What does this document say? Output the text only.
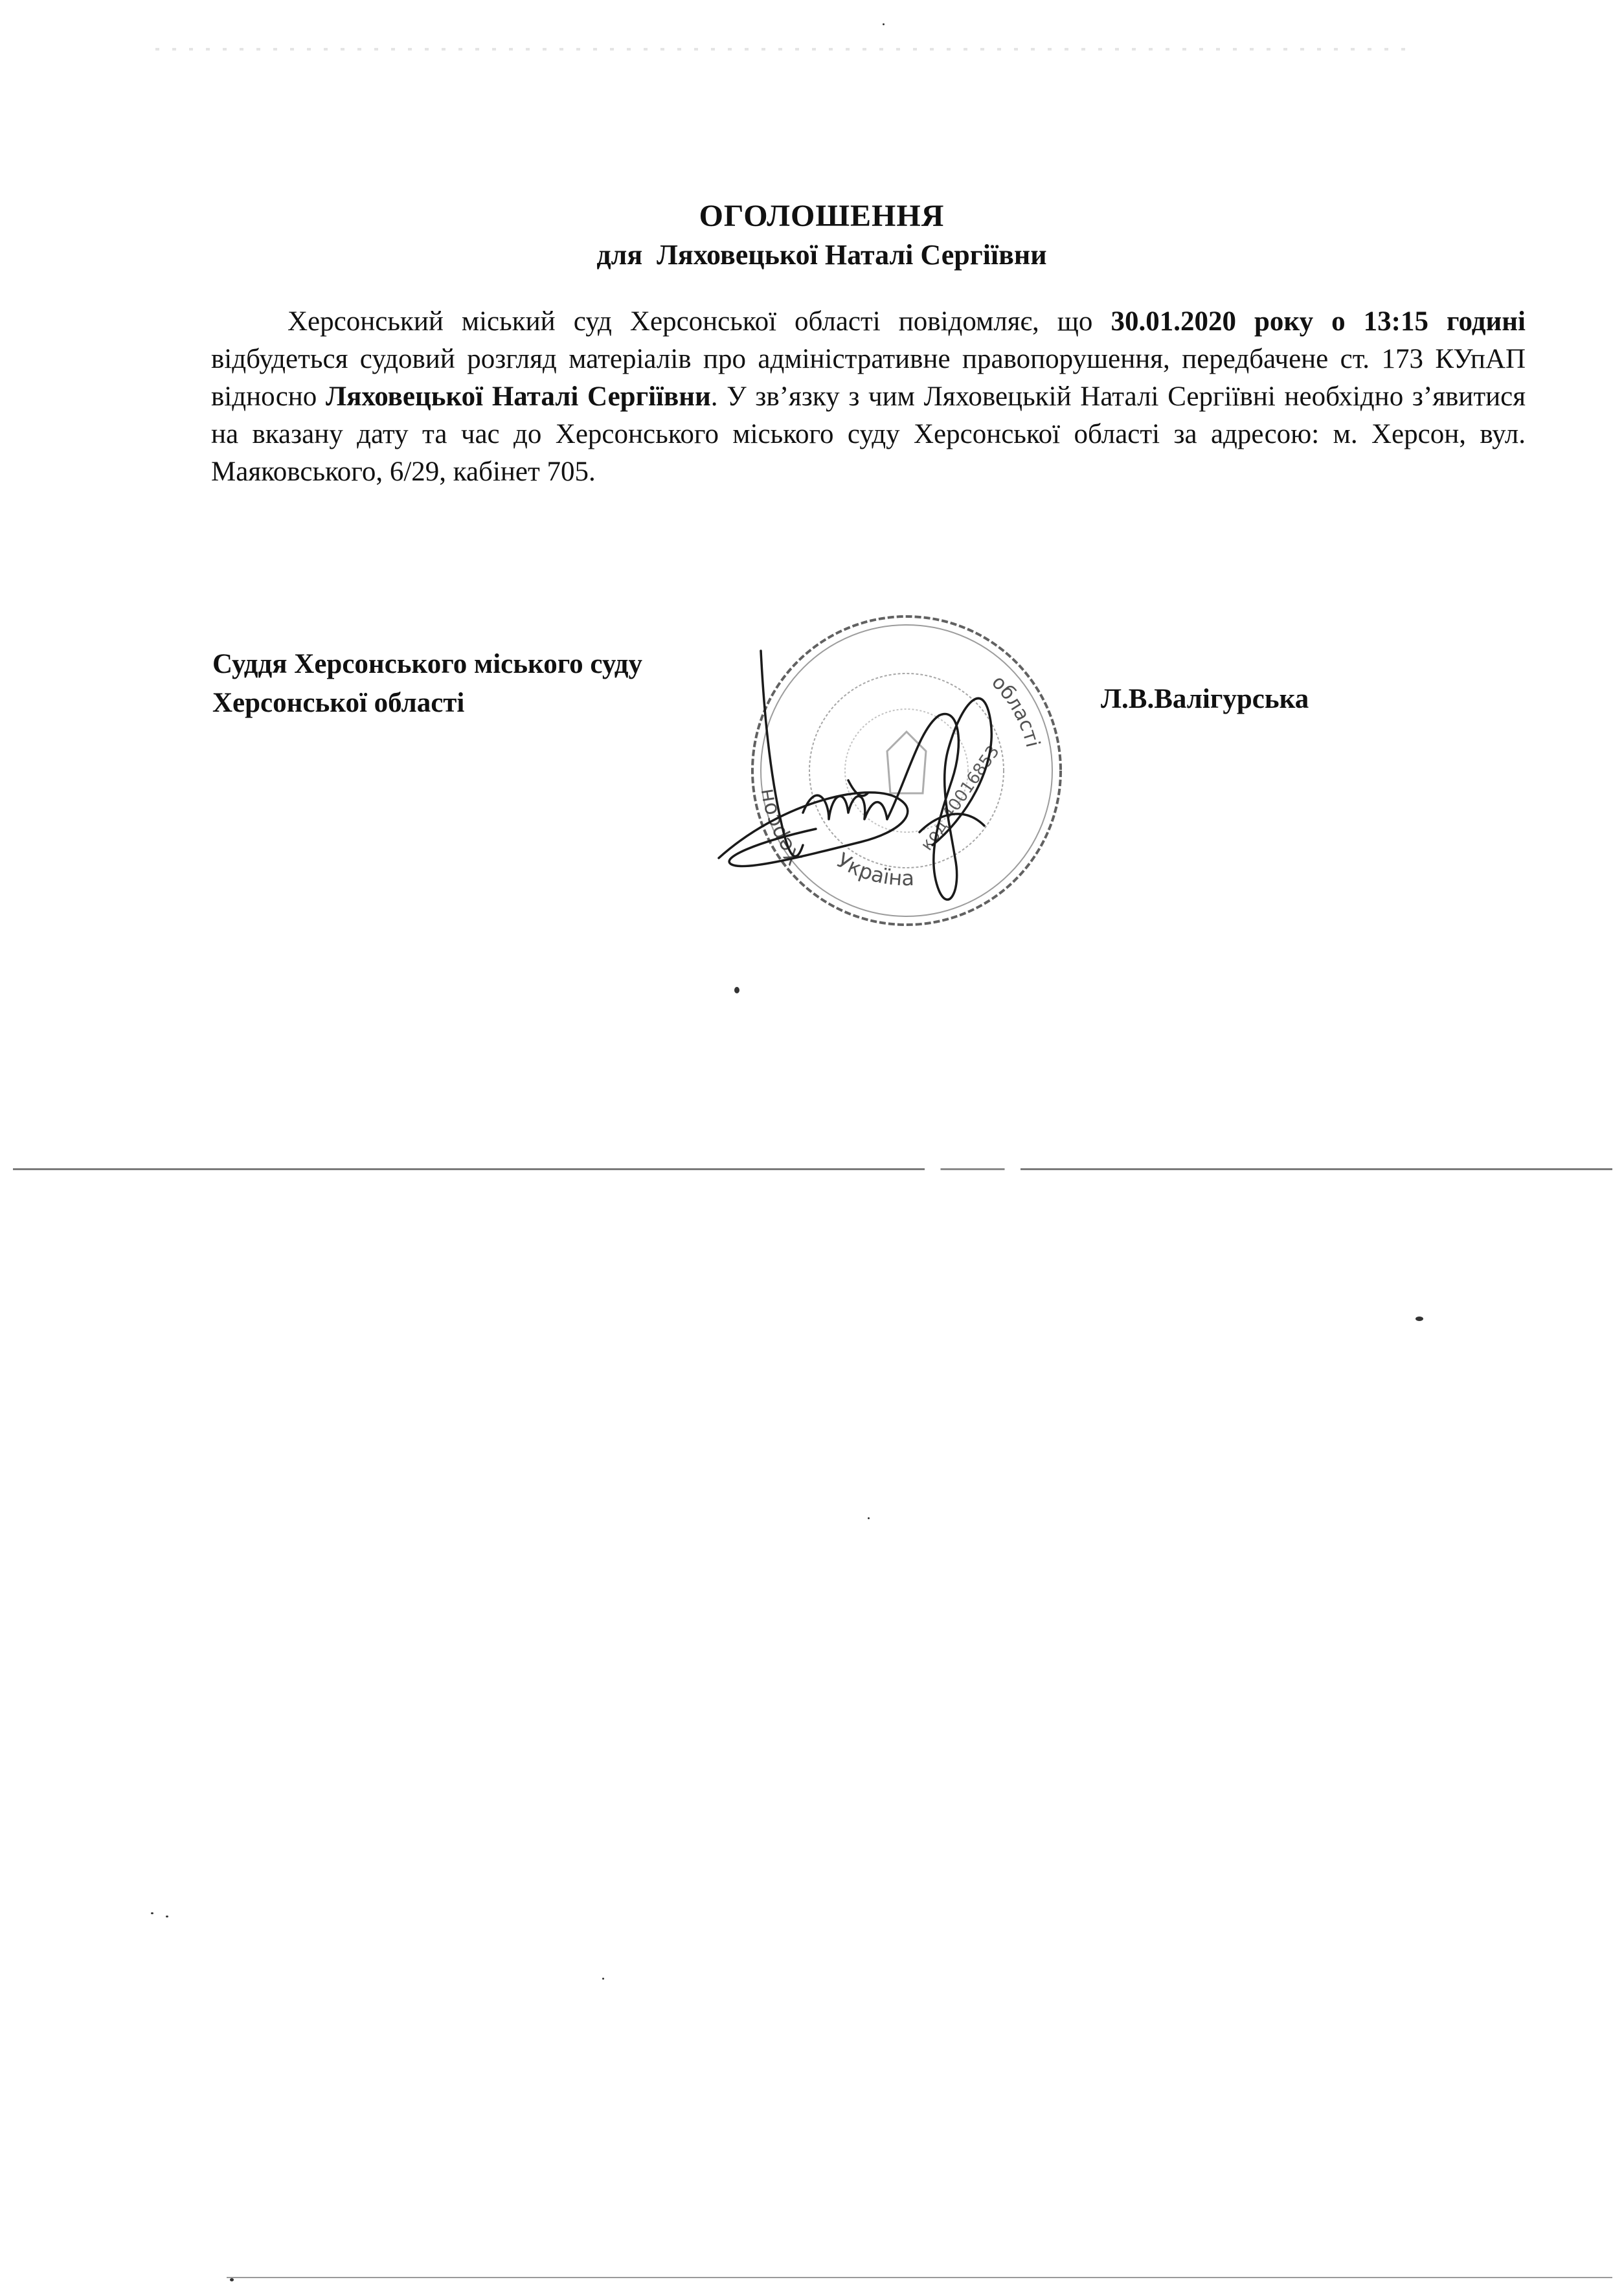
ОГОЛОШЕННЯ
для Ляховецької Наталі Сергіївни
Херсонський міський суд Херсонської області повідомляє, що 30.01.2020 року о 13:15 годині відбудеться судовий розгляд матеріалів про адміністративне правопорушення, передбачене ст. 173 КУпАП відносно Ляховецької Наталі Сергіївни. У зв’язку з чим Ляховецькій Наталі Сергіївні необхідно з’явитися на вказану дату та час до Херсонського міського суду Херсонської області за адресою: м. Херсон, вул. Маяковського, 6/29, кабінет 705.
Суддя Херсонського міського суду
Херсонської області	Л.В.Валігурська
Херсон
області
Україна
код 40016853
